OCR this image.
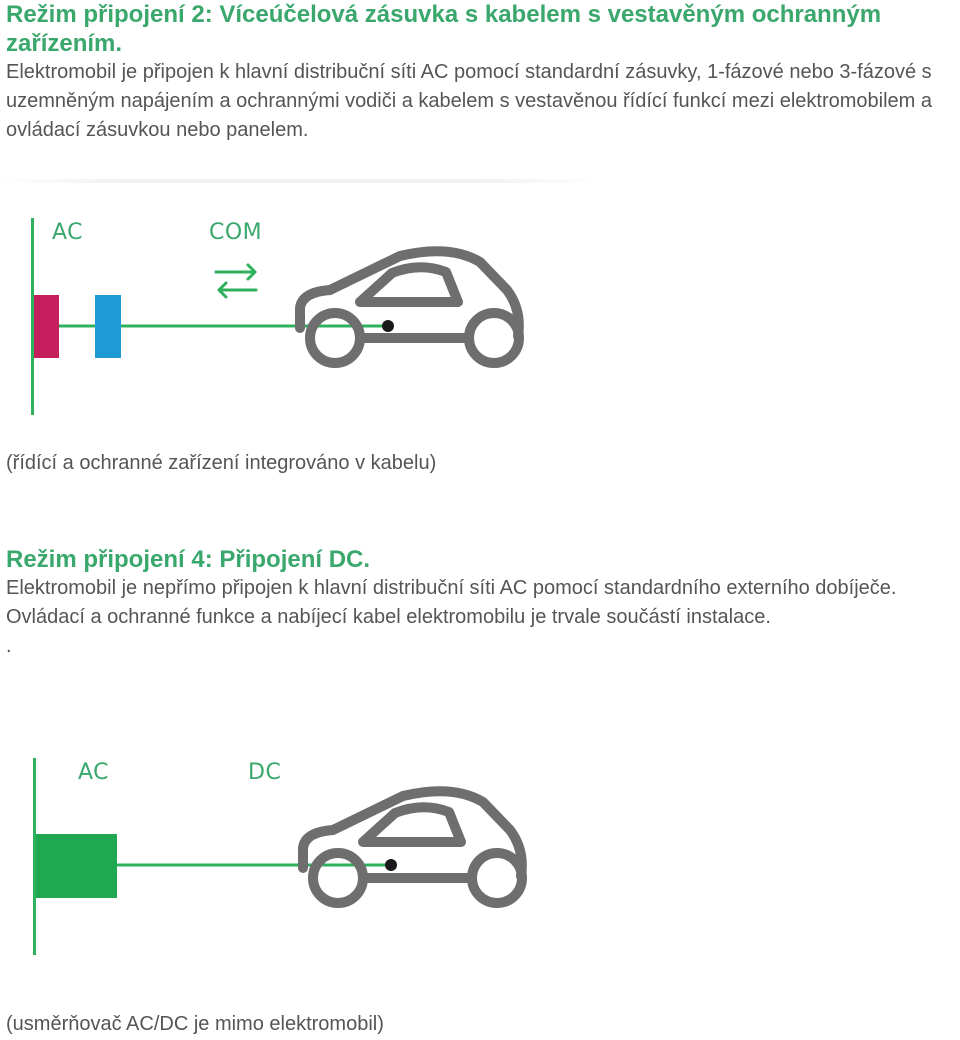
Režim připojení 2: Víceúčelová zásuvka s kabelem s vestavěným ochranným zařízením.

Elektromobil je připojen k hlavní distribuční síti AC pomocí standardní zásuvky, 1-fázové nebo 3-fázové s uzemněným napájením a ochrannými vodiči a kabelem s vestavěnou řídící funkcí mezi elektromobilem a ovládací zásuvkou nebo panelem.

AC	COM
(řídící a ochranné zařízení integrováno v kabelu)

Režim připojení 4: Připojení DC.

Elektromobil je nepřímo připojen k hlavní distribuční síti AC pomocí standardního externího dobíječe. Ovládací a ochranné funkce a nabíjecí kabel elektromobilu je trvale součástí instalace.

.

AC	DC
(usměrňovač AC/DC je mimo elektromobil)
